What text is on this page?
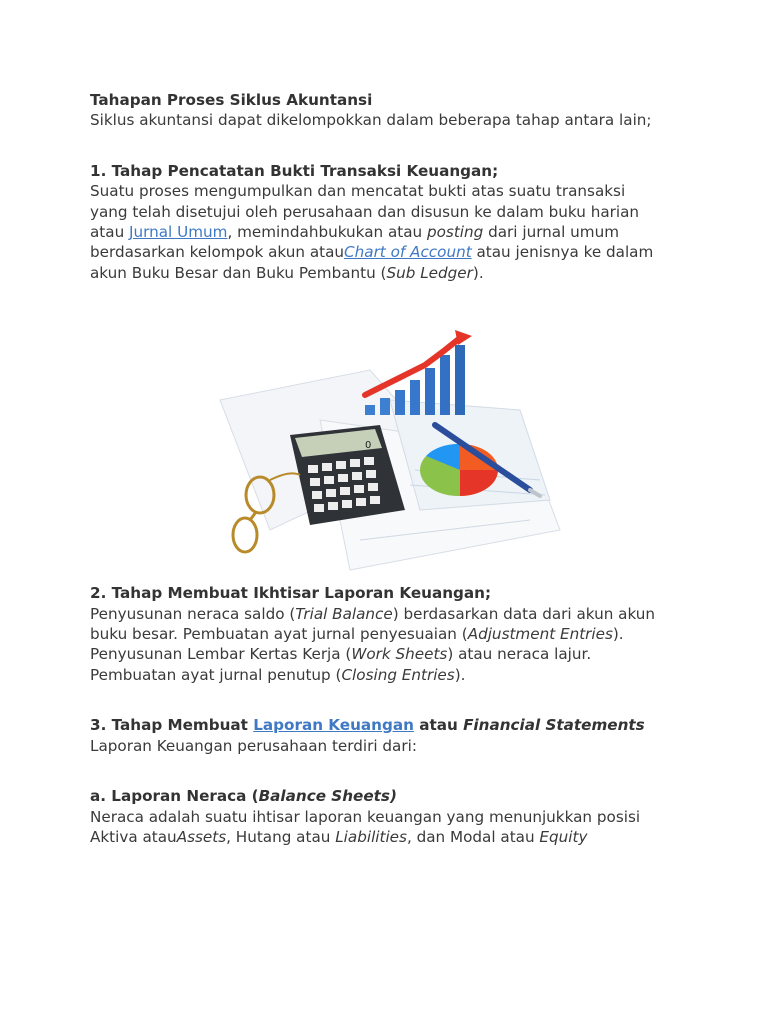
Tahapan Proses Siklus Akuntansi

Siklus akuntansi dapat dikelompokkan dalam beberapa tahap antara lain;

1. Tahap Pencatatan Bukti Transaksi Keuangan;

Suatu proses mengumpulkan dan mencatat bukti atas suatu transaksi

yang telah disetujui oleh perusahaan dan disusun ke dalam buku harian

atau Jurnal Umum, memindahbukukan atau posting dari jurnal umum

berdasarkan kelompok akun atauChart of Account atau jenisnya ke dalam

akun Buku Besar dan Buku Pembantu (Sub Ledger).

2. Tahap Membuat Ikhtisar Laporan Keuangan;

Penyusunan neraca saldo (Trial Balance) berdasarkan data dari akun akun

buku besar. Pembuatan ayat jurnal penyesuaian (Adjustment Entries).

Penyusunan Lembar Kertas Kerja (Work Sheets) atau neraca lajur.

Pembuatan ayat jurnal penutup (Closing Entries).

3. Tahap Membuat Laporan Keuangan atau Financial Statements

Laporan Keuangan perusahaan terdiri dari:

a. Laporan Neraca (Balance Sheets)

Neraca adalah suatu ihtisar laporan keuangan yang menunjukkan posisi

Aktiva atauAssets, Hutang atau Liabilities, dan Modal atau Equity

0
